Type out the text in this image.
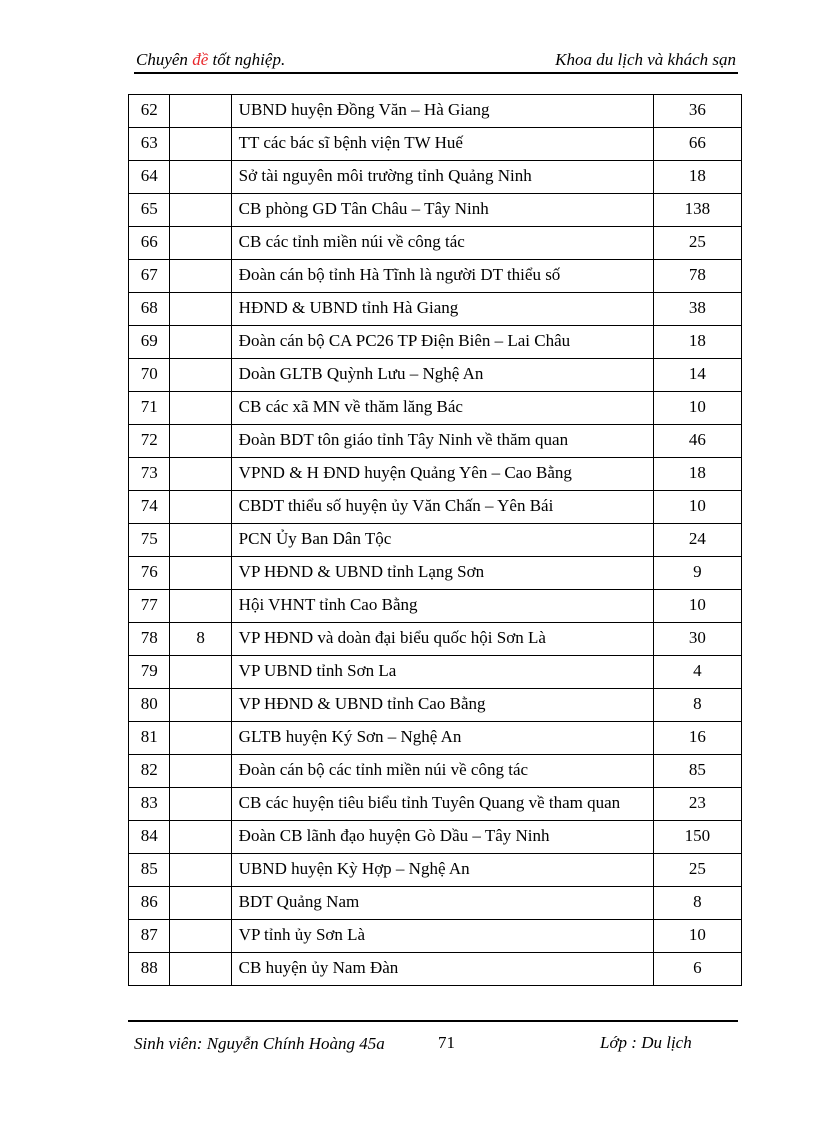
Chuyên đề tốt nghiệp.	Khoa du lịch và khách sạn
62		UBND huyện Đồng Văn – Hà Giang	36
63		TT các bác sĩ bệnh viện TW Huế	66
64		Sở tài nguyên môi trường tỉnh Quảng Ninh	18
65		CB phòng GD Tân Châu – Tây Ninh	138
66		CB các tỉnh miền núi về công tác	25
67		Đoàn cán bộ tỉnh Hà Tĩnh là người DT thiểu số	78
68		HĐND & UBND tỉnh Hà Giang	38
69		Đoàn cán bộ CA PC26 TP Điện Biên – Lai Châu	18
70		Doàn GLTB Quỳnh Lưu – Nghệ An	14
71		CB các xã MN về thăm lăng Bác	10
72		Đoàn BDT tôn giáo tỉnh Tây Ninh về thăm quan	46
73		VPND & H ĐND huyện Quảng Yên – Cao Bằng	18
74		CBDT thiểu số huyện ủy Văn Chấn – Yên Bái	10
75		PCN Ủy Ban Dân Tộc	24
76		VP HĐND & UBND tỉnh Lạng Sơn	9
77		Hội VHNT tỉnh Cao Bằng	10
78	8	VP HĐND và doàn đại biểu quốc hội Sơn Là	30
79		VP UBND tỉnh Sơn La	4
80		VP HĐND & UBND tỉnh Cao Bằng	8
81		GLTB huyện Ký Sơn – Nghệ An	16
82		Đoàn cán bộ các tỉnh miền núi về công tác	85
83		CB các huyện tiêu biểu tỉnh Tuyên Quang về tham quan	23
84		Đoàn CB lãnh đạo huyện Gò Dầu – Tây Ninh	150
85		UBND huyện Kỳ Hợp – Nghệ An	25
86		BDT Quảng Nam	8
87		VP tỉnh ủy Sơn Là	10
88		CB huyện ủy Nam Đàn	6
Sinh viên: Nguyễn Chính Hoàng 45a	71	Lớp : Du lịch
